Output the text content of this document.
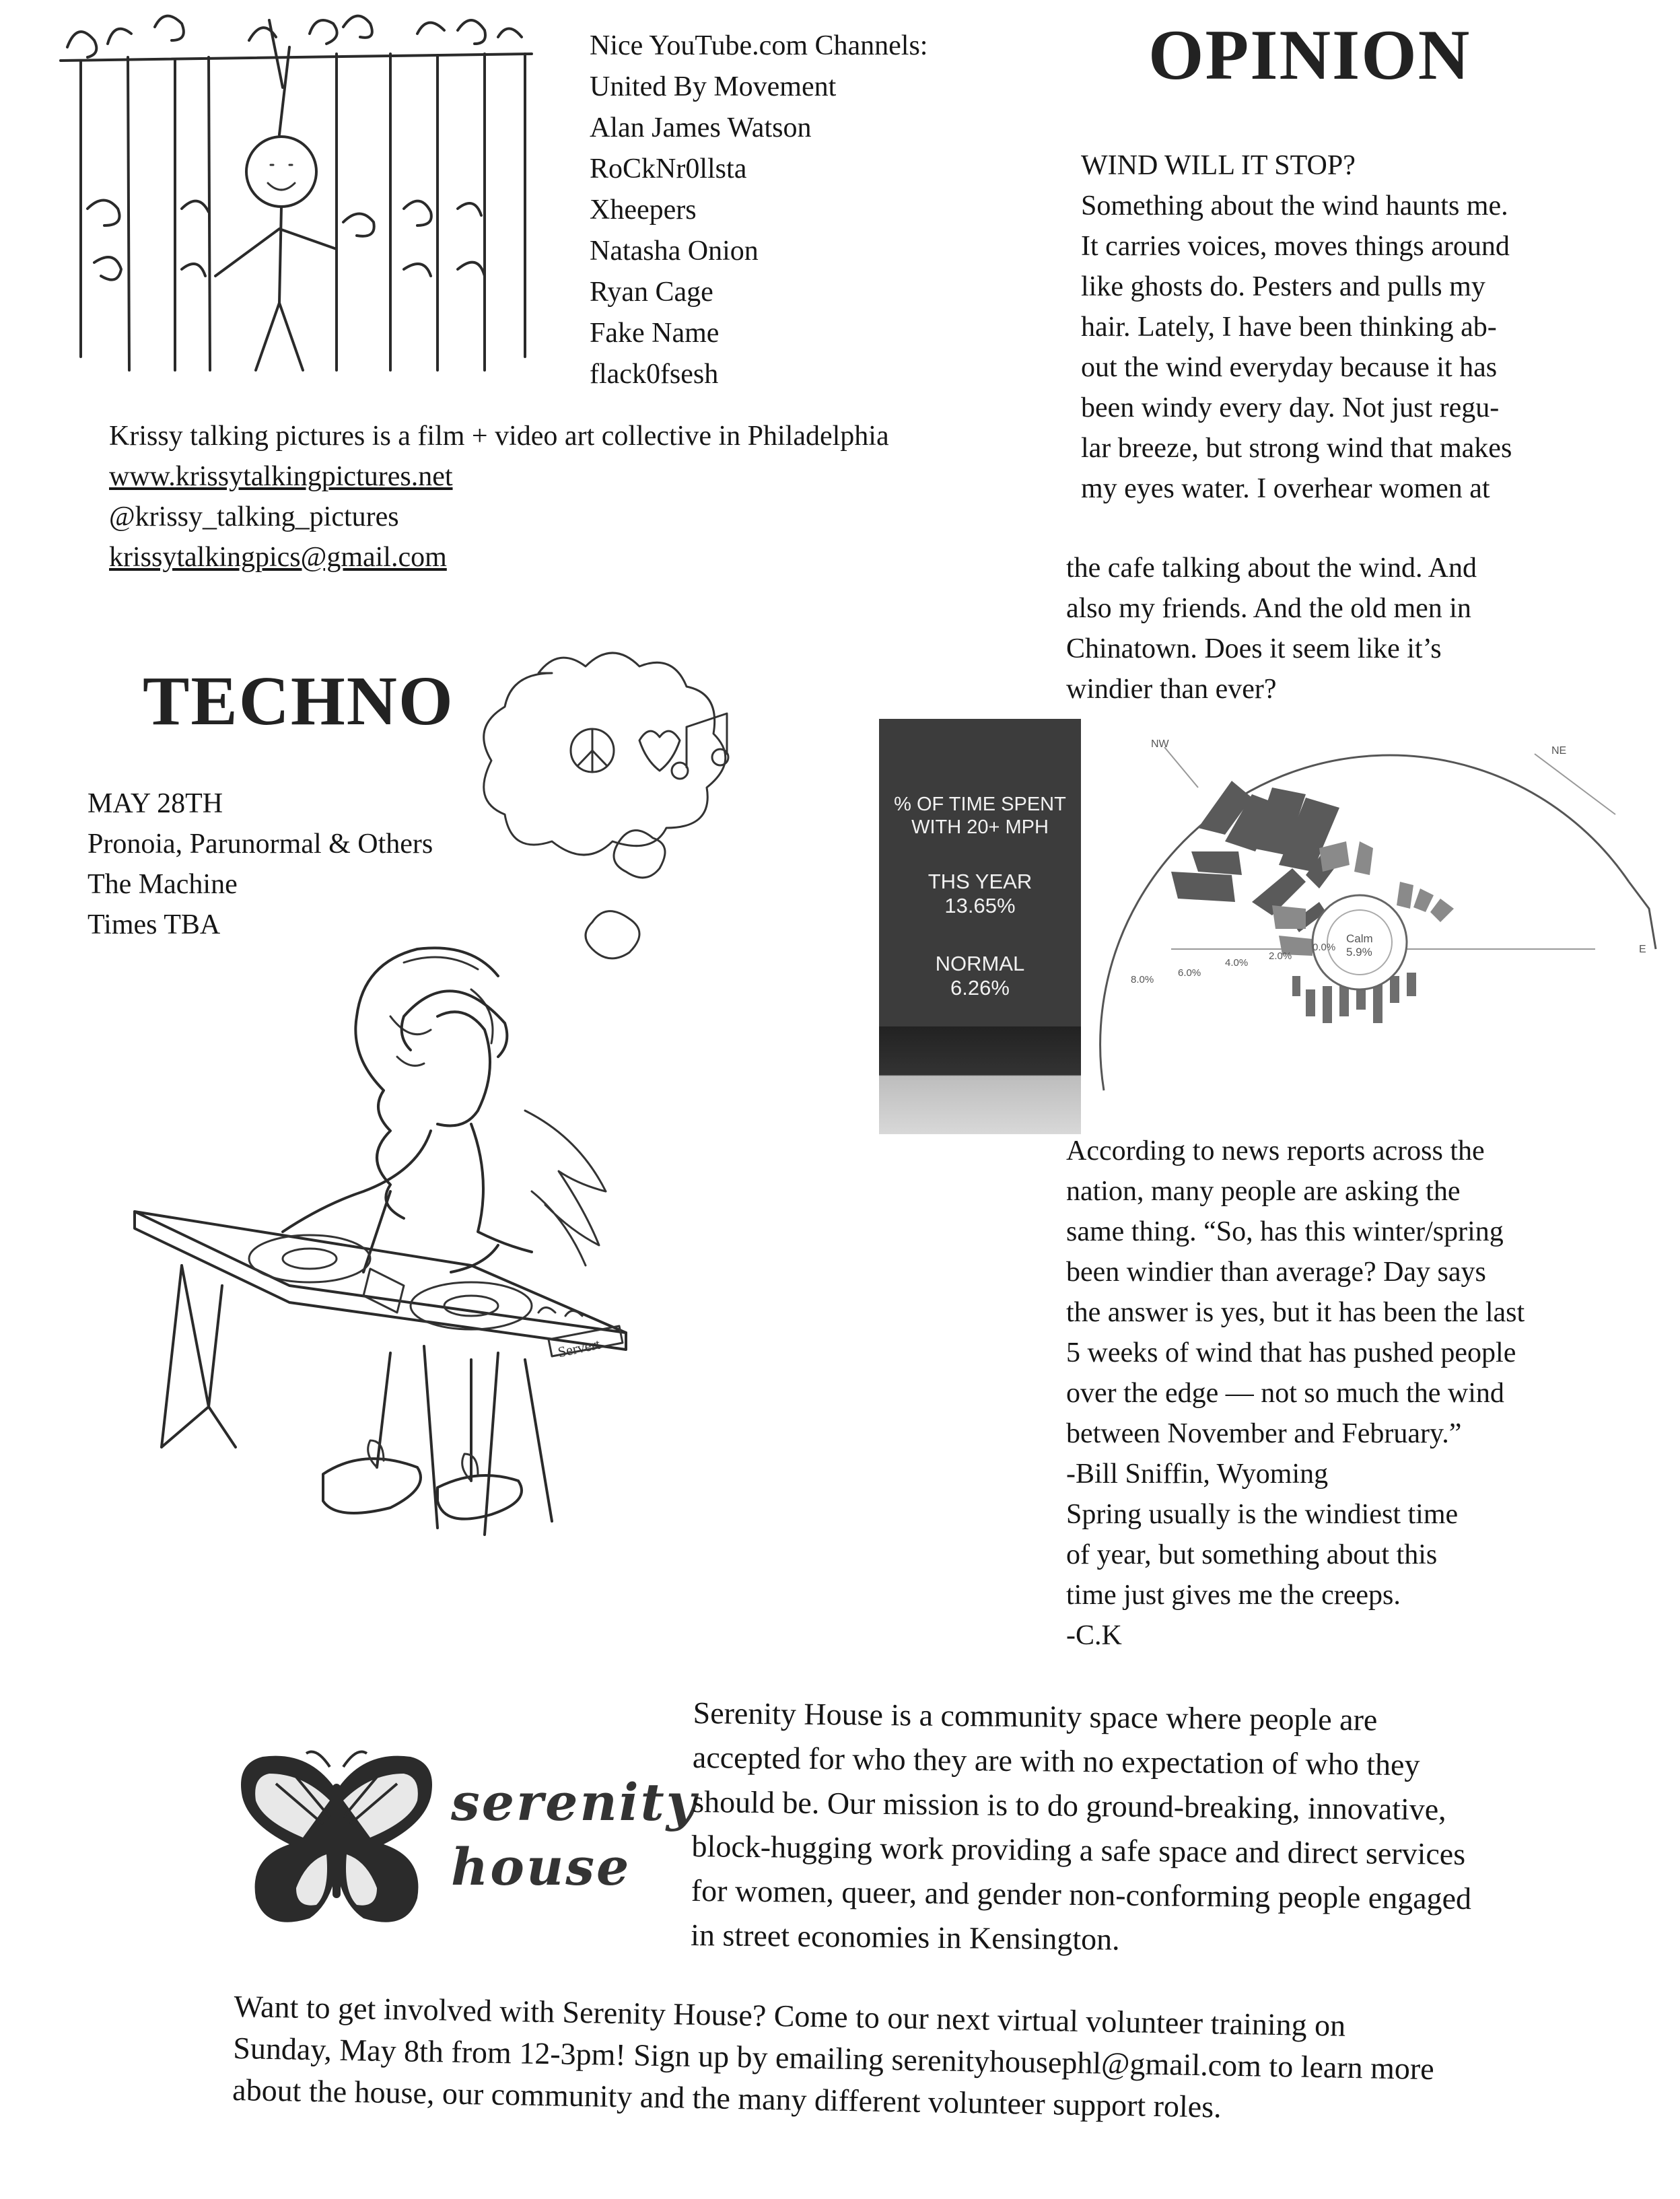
Nice YouTube.com Channels:
United By Movement
Alan James Watson
RoCkNr0llsta
Xheepers
Natasha Onion
Ryan Cage
Fake Name
flack0fsesh
Krissy talking pictures is a film + video art collective in Philadelphia
www.krissytalkingpictures.net
@krissy_talking_pictures
krissytalkingpics@gmail.com
OPINION
WIND WILL IT STOP?
Something about the wind haunts me.
It carries voices, moves things around
like ghosts do. Pesters and pulls my
hair. Lately, I have been thinking ab-
out the wind everyday because it has
been windy every day. Not just regu-
lar breeze, but strong wind that makes
my eyes water. I overhear women at
the cafe talking about the wind. And
also my friends. And the old men in
Chinatown. Does it seem like it’s
windier than ever?
% OF TIME SPENT
WITH 20+ MPH
THS YEAR
13.65%
NORMAL
6.26%
NW
NE
E
8.0%
6.0%
4.0%
2.0%
0.0%
Calm
5.9%
According to news reports across the
nation, many people are asking the
same thing. “So, has this winter/spring
been windier than average? Day says
the answer is yes, but it has been the last
5 weeks of wind that has pushed people
over the edge — not so much the wind
between November and February.”
-Bill Sniffin, Wyoming
Spring usually is the windiest time
of year, but something about this
time just gives me the creeps.
-C.K
TECHNO
MAY 28TH
Pronoia, Parunormal & Others
The Machine
Times TBA
Servert
serenity
house
Serenity House is a community space where people are
accepted for who they are with no expectation of who they
should be. Our mission is to do ground-breaking, innovative,
block-hugging work providing a safe space and direct services
for women, queer, and gender non-conforming people engaged
in street economies in Kensington.
Want to get involved with Serenity House? Come to our next virtual volunteer training on
Sunday, May 8th from 12-3pm! Sign up by emailing serenityhousephl@gmail.com to learn more
about the house, our community and the many different volunteer support roles.
